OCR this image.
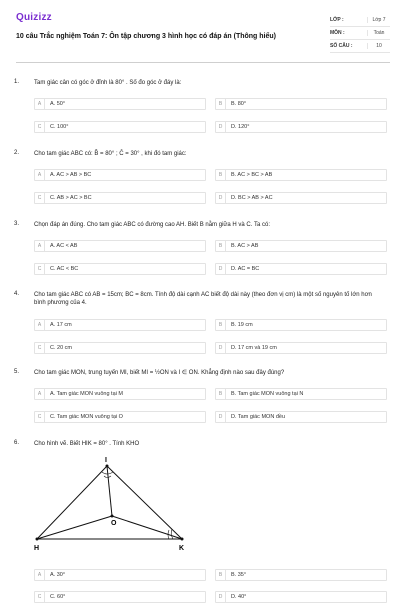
Quizizz
10 câu Trắc nghiệm Toán 7: Ôn tập chương 3 hình học có đáp án (Thông hiểu)
LỚP :	Lớp 7
MÔN :	Toán
SỐ CÂU :	10
1. Tam giác cân có góc ở đỉnh là 80° . Số đo góc ở đáy là:
A	A. 50°	B	B. 80°
C	C. 100°	D	D. 120°
2. Cho tam giác ABC có: B̂ = 80° ; Ĉ = 30° , khi đó tam giác:
A	A. AC > AB > BC	B	B. AC > BC > AB
C	C. AB > AC > BC	D	D. BC > AB > AC
3. Chọn đáp án đúng. Cho tam giác ABC có đường cao AH. Biết B nằm giữa H và C. Ta có:
A	A. AC < AB	B	B. AC > AB
C	C. AC < BC	D	D. AC = BC
4. Cho tam giác ABC có AB = 15cm; BC = 8cm. Tính độ dài cạnh AC biết độ dài này (theo đơn vị cm) là một số nguyên tố lớn hơn bình phương của 4.
A	A. 17 cm	B	B. 19 cm
C	C. 20 cm	D	D. 17 cm và 19 cm
5. Cho tam giác MON, trung tuyến MI, biết MI = ½ON và I ∈ ON. Khẳng định nào sau đây đúng?
A	A. Tam giác MON vuông tại M	B	B. Tam giác MON vuông tại N
C	C. Tam giác MON vuông tại O	D	D. Tam giác MON đều
6. Cho hình vẽ. Biết HIK = 80° . Tính KHO
I
O
H	K
A	A. 30°	B	B. 35°
C	C. 60°	D	D. 40°
